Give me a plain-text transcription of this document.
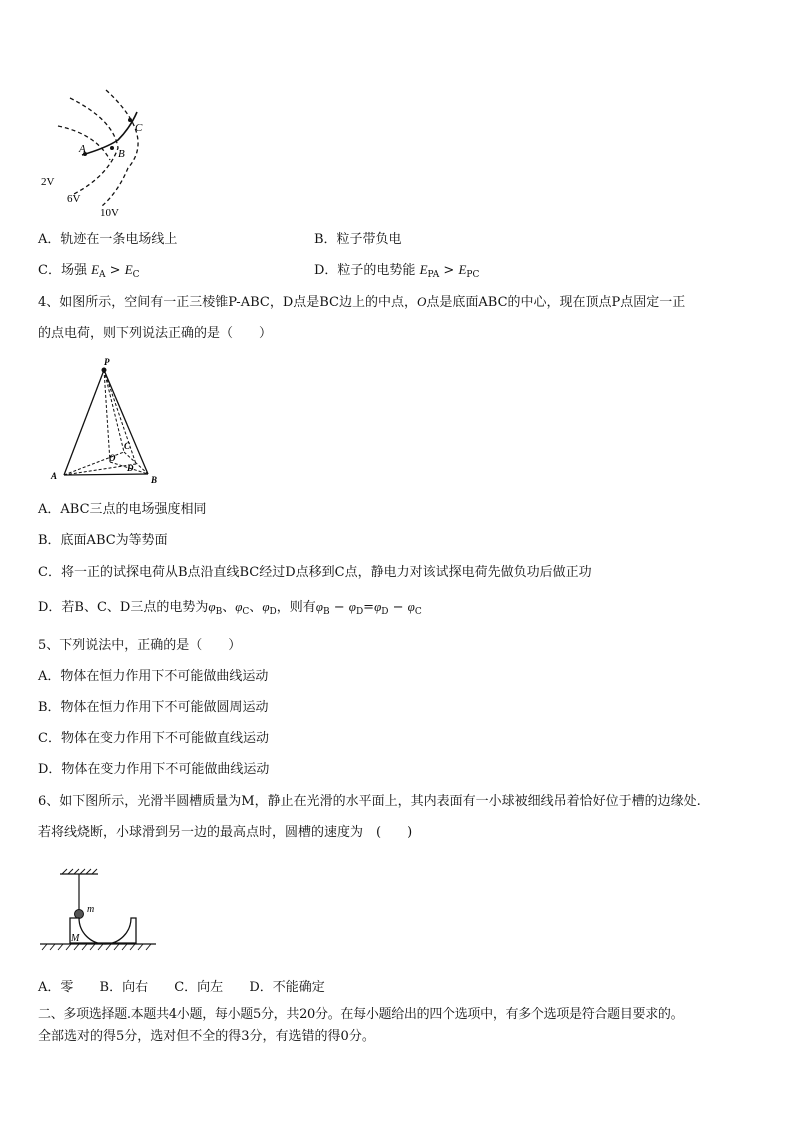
A	B
C
2V
6V
10V
A．轨迹在一条电场线上	B．粒子带负电
C．场强 $E_A > E_C$	D．粒子的电势能 $E_{PA} > E_{PC}$
4、如图所示，空间有一正三棱锥P-ABC，D点是BC边上的中点，O点是底面ABC的中心，现在顶点P点固定一正
的点电荷，则下列说法正确的是（　　）
P
A	B
C
O
D
A．ABC三点的电场强度相同
B．底面ABC为等势面
C．将一正的试探电荷从B点沿直线BC经过D点移到C点，静电力对该试探电荷先做负功后做正功
D．若B、C、D三点的电势为$\varphi_B$、$\varphi_C$、$\varphi_D$，则有$\varphi_B - \varphi_D=\varphi_D - \varphi_C$
5、下列说法中，正确的是（　　）
A．物体在恒力作用下不可能做曲线运动
B．物体在恒力作用下不可能做圆周运动
C．物体在变力作用下不可能做直线运动
D．物体在变力作用下不可能做曲线运动
6、如下图所示，光滑半圆槽质量为M，静止在光滑的水平面上，其内表面有一小球被细线吊着恰好位于槽的边缘处.
若将线烧断，小球滑到另一边的最高点时，圆槽的速度为　(　　)
m
M
A．零 B．向右 C．向左 D．不能确定
二、多项选择题.本题共4小题，每小题5分，共20分。在每小题给出的四个选项中，有多个选项是符合题目要求的。
全部选对的得5分，选对但不全的得3分，有选错的得0分。
